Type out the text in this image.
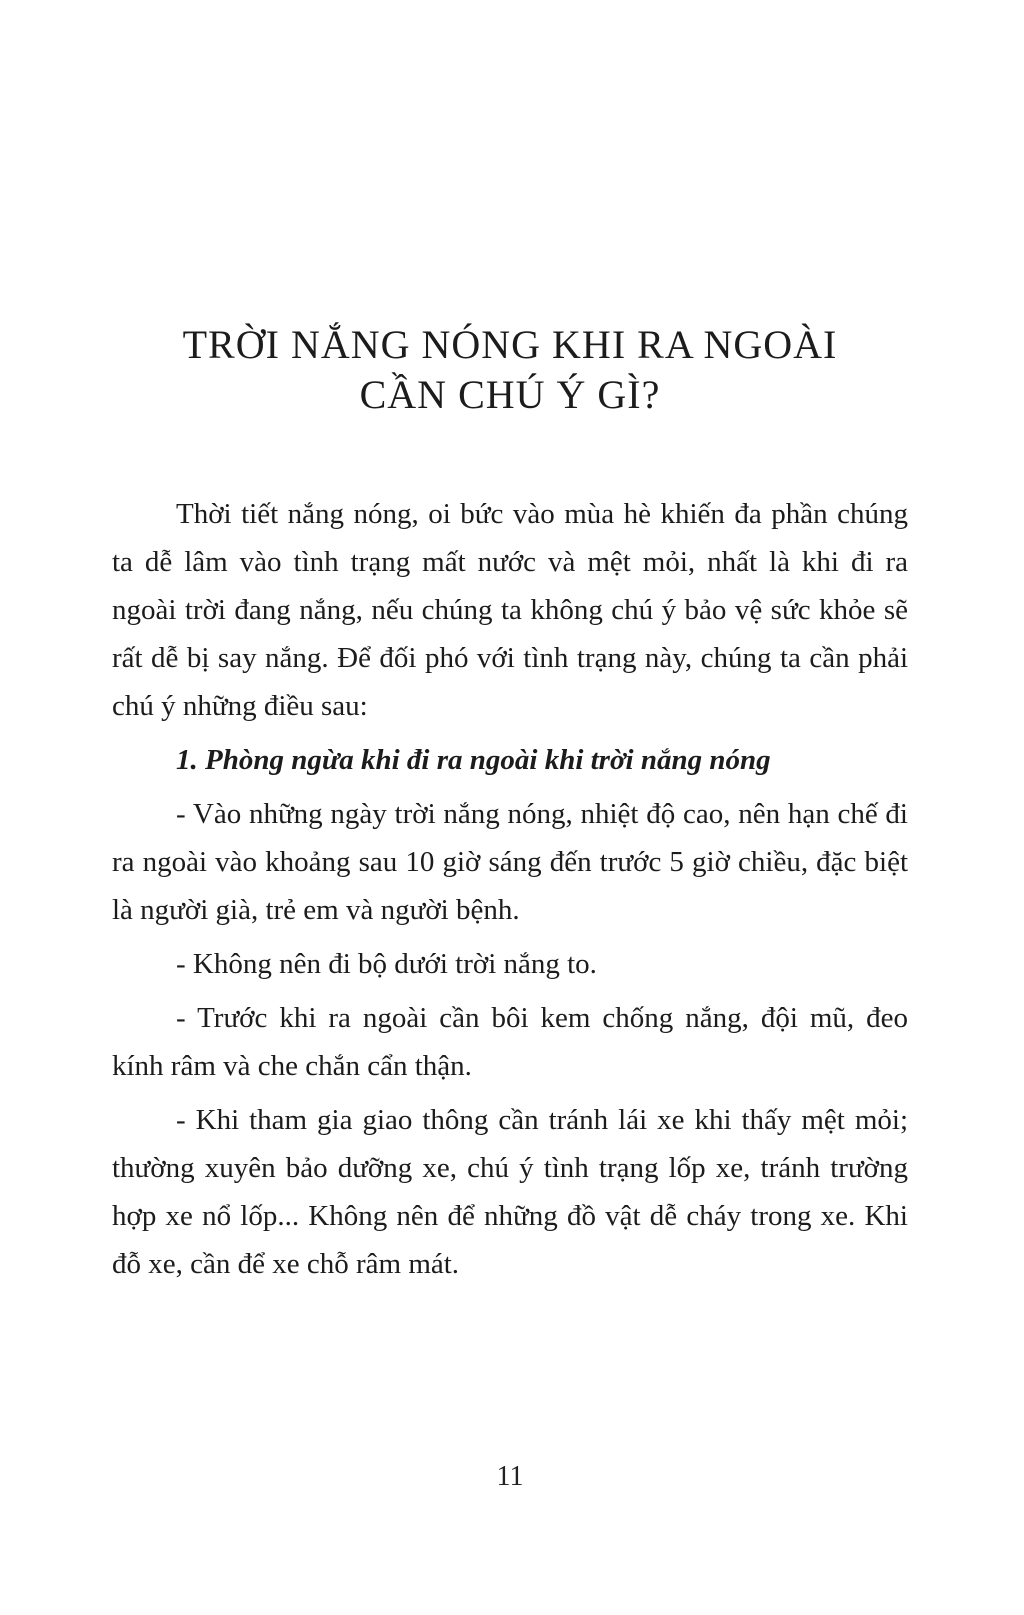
TRỜI NẮNG NÓNG KHI RA NGOÀI
CẦN CHÚ Ý GÌ?

Thời tiết nắng nóng, oi bức vào mùa hè khiến đa phần chúng ta dễ lâm vào tình trạng mất nước và mệt mỏi, nhất là khi đi ra ngoài trời đang nắng, nếu chúng ta không chú ý bảo vệ sức khỏe sẽ rất dễ bị say nắng. Để đối phó với tình trạng này, chúng ta cần phải chú ý những điều sau:

1. Phòng ngừa khi đi ra ngoài khi trời nắng nóng

- Vào những ngày trời nắng nóng, nhiệt độ cao, nên hạn chế đi ra ngoài vào khoảng sau 10 giờ sáng đến trước 5 giờ chiều, đặc biệt là người già, trẻ em và người bệnh.

- Không nên đi bộ dưới trời nắng to.

- Trước khi ra ngoài cần bôi kem chống nắng, đội mũ, đeo kính râm và che chắn cẩn thận.

- Khi tham gia giao thông cần tránh lái xe khi thấy mệt mỏi; thường xuyên bảo dưỡng xe, chú ý tình trạng lốp xe, tránh trường hợp xe nổ lốp... Không nên để những đồ vật dễ cháy trong xe. Khi đỗ xe, cần để xe chỗ râm mát.

11
